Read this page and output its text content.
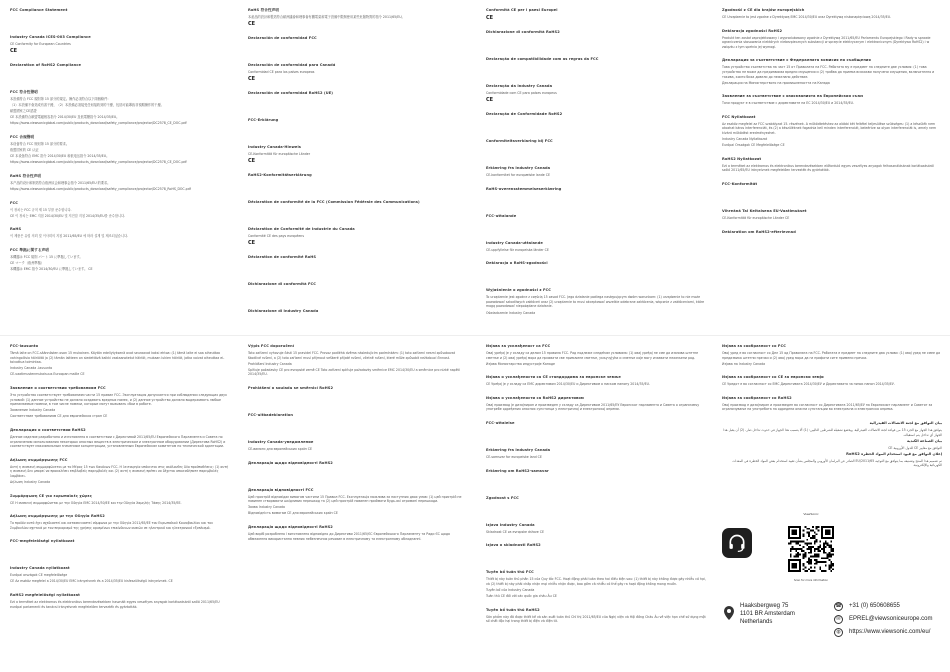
FCC Compliance Statement
Industry Canada ICES-003 Compliance
CE Conformity for European Countries
CE
Declaration of RoHS2 Compliance
FCC 符合性聲明
本設備符合 FCC 規則第 15 部分的規定。操作必須符合以下兩個條件：
（1）本設備不會造成有害干擾，（2）本設備必須接受任何接收到的干擾，包括可能導致非預期操作的干擾。
歐盟國家之CE認證
CE 本設備符合歐盟電磁相容指令 2014/30/EU 及低電壓指令 2014/35/EU。
https://www.viewsonicglobal.com/public/products_download/safety_compliance/projector/DC2578_CE_DOC.pdf
FCC 合規聲明
本设备符合 FCC 规则第 15 部分的要求。
欧盟国家的 CE 认证
CE 本设备符合 EMC 指令 2014/30/EU 和低电压指令 2014/35/EU。
https://www.viewsonicglobal.com/public/products_download/safety_compliance/projector/DC2578_CE_DOC.pdf
RoHS 符合性声明
本产品的设计和制造符合欧洲议会和理事会指令 2011/65/EU 的要求。
https://www.viewsonicglobal.com/public/products_download/safety_compliance/projector/DC2578_RoHS_DOC.pdf
FCC
이 장치는 FCC 규칙 제 15 부를 준수합니다.
CE 이 장치는 EMC 지침 2014/30/EU 및 저전압 지침 2014/35/EU를 준수합니다.
RoHS
이 제품은 유럽 의회 및 이사회의 지침 2011/65/EU 에 따라 설계 및 제조되었습니다.
FCC 準拠に関する声明
本機器は FCC 規則 パート 15 に準拠しています。
CE マーク（欧州準拠）
本機器は EMC 指令 2014/30/EU に準拠しています。 CE
RoHS 符合性声明
本產品的設計和製造符合歐洲議會和理事會有關電氣和電子設備中限制使用某些危險物質的指令 2011/65/EU。
CE
Declaración de conformidad FCC
Declaración de conformidad para Canadá
Conformidad CE para los países europeos
CE
Declaración de conformidad RoHS2 (UE)
FCC-Erklärung
Industry Canada-Hinweis
CE-Konformität für europäische Länder
CE
RoHS2-Konformitätserklärung
Déclaration de conformité de la FCC (Commission Fédérale des Communications)
Déclaration de Conformité de Industrie du Canada
Conformité CE des pays européens
CE
Déclaration de conformité RoHS
Dichiarazione di conformità FCC
Dichiarazione di Industry Canada
Conformità CE per i paesi Europei
CE
Dichiarazione di conformità RoHS2
Declaração de compatibilidade com as regras da FCC
Declaração da Industry Canada
Conformidade com CE para países europeus
CE
Declaração de Conformidade RoHS2
Conformiteitsverklaring bij FCC
Erklæring fra Industry Canada
CE-konformitet for europæiske lande CE
RoHS-overensstemmelseserklæring
FCC-uttalande
Industry Canada-uttalande
CE-uppfyllelse för europeiska länder CE
Deklaracja o RoHS-zgodności
Wyjaśnienie o zgodności z FCC
To urządzenie jest zgodne z częścią 15 zasad FCC. Jego działanie podlega następującym dwóm warunkom: (1) urządzenie to nie może powodować szkodliwych zakłóceń oraz (2) urządzenie to musi akceptować wszelkie odebrane zakłócenia, włącznie z zakłóceniami, które mogą powodować niepożądane działanie.
Oświadczenie Industry Canada
Zgodność z CE dla krajów europejskich
CE Urządzenie to jest zgodne z Dyrektywą EMC 2014/30/EU oraz Dyrektywą niskonapięciową 2014/35/EU.
Deklaracja zgodności RoHS2
Produkt ten został zaprojektowany i wyprodukowany zgodnie z Dyrektywą 2011/65/EU Parlamentu Europejskiego i Rady w sprawie ograniczenia stosowania niektórych niebezpiecznych substancji w sprzęcie elektrycznym i elektronicznym (Dyrektywa RoHS2) i w związku z tym spełnia jej wymogi.
Декларация за съответствие с Федералната комисия по съобщения
Това устройство съответства на част 15 от Правилата на FCC. Работата му е предмет на следните две условия: (1) това устройство не може да предизвиква вредни смущения и (2) трябва да приема всякакви получени смущения, включително и такива, които биха довели до нежелано действие.
Декларация на Министерството на промишлеността на Канада
Заявление за съответствие с изискванията на Европейския съюз
Този продукт е в съответствие с директивите на ЕС 2014/30/EU и 2014/35/EU.
FCC Nyilatkozat
Az eszköz megfelel az FCC szabályzat 15. részének. A működtetéshez az alábbi két feltétel teljesülése szükséges: (1) a készülék nem okozhat káros interferenciát, és (2) a készüléknek fogadnia kell minden interferenciát, beleértve az olyan interferenciát is, amely nem kívánt működést eredményezhet.
Industry Canada Nyilatkozat
Európai Országok CE Megfelelősége CE
RoHS2 Nyilatkozat
Ezt a terméket az elektromos és elektronikus berendezésekben előforduló egyes veszélyes anyagok felhasználásának korlátozásáról szóló 2011/65/EU irányelvnek megfelelően tervezték és gyártották.
FCC-Konformität
Vihreänä Tai Keltaisena EU-Vaatimukset
CE-Konformität für europäische Länder CE
Deklaration om RoHS2-efterlevnad
FCC-lausunto
Tämä laite on FCC-säännösten osan 15 mukainen. Käytön edellytyksenä ovat seuraavat kaksi ehtoa: (1) tämä laite ei saa aiheuttaa vahingollisia häiriöitä ja (2) tämän laitteen on siedettävä kaikki vastaanotetut häiriöt, mukaan lukien häiriöt, jotka voivat aiheuttaa ei-toivottua toimintaa.
Industry Canada -lausunto
CE-vaatimustenmukaisuus Euroopan maille CE
Заявление о соответствии требованиям FCC
Это устройство соответствует требованиям части 15 правил FCC. Эксплуатация допускается при соблюдении следующих двух условий: (1) данное устройство не должно создавать вредных помех, и (2) данное устройство должно выдерживать любые принимаемые помехи, в том числе помехи, которые могут вызывать сбои в работе.
Заявление Industry Canada
Соответствие требованиям CE для европейских стран CE
Декларация о соответствии RoHS2
Данное изделие разработано и изготовлено в соответствии с Директивой 2011/65/EU Европейского Парламента и Совета по ограничению использования некоторых опасных веществ в электрическом и электронном оборудовании (Директива RoHS2) и соответствует максимальным значениям концентрации, установленным Европейским комитетом по технической адаптации.
Δήλωση συμμόρφωσης FCC
Αυτή η συσκευή συμμορφώνεται με το Μέρος 15 των Κανόνων FCC. Η λειτουργία υπόκειται στις ακόλουθες δύο προϋποθέσεις: (1) αυτή η συσκευή δεν μπορεί να προκαλέσει επιβλαβείς παρεμβολές και (2) αυτή η συσκευή πρέπει να δέχεται οποιεσδήποτε παρεμβολές λαμβάνει.
Δήλωση Industry Canada
Συμμόρφωση CE για ευρωπαϊκές χώρες
CE Η συσκευή συμμορφώνεται με την Οδηγία EMC 2014/30/ΕΕ και την Οδηγία Χαμηλής Τάσης 2014/35/ΕΕ.
Δήλωση συμμόρφωσης με την Οδηγία RoHS2
Το προϊόν αυτό έχει σχεδιαστεί και κατασκευαστεί σύμφωνα με την Οδηγία 2011/65/ΕΕ του Ευρωπαϊκού Κοινοβουλίου και του Συμβουλίου σχετικά με τον περιορισμό της χρήσης ορισμένων επικίνδυνων ουσιών σε ηλεκτρικό και ηλεκτρονικό εξοπλισμό.
FCC-megfelelőségi nyilatkozat
Industry Canada nyilatkozat
Európai országok CE megfelelősége
CE Az eszköz megfelel a 2014/30/EU EMC irányelvnek és a 2014/35/EU kisfeszültségű irányelvnek. CE
RoHS2 megfelelőségi nyilatkozat
Ezt a terméket az elektromos és elektronikus berendezésekben használt egyes veszélyes anyagok korlátozásáról szóló 2011/65/EU európai parlamenti és tanácsi irányelvnek megfelelően tervezték és gyártották.
Výpis FCC doporučení
Toto zařízení vyhovuje části 15 pravidel FCC. Provoz podléhá dvěma následujícím podmínkám: (1) toto zařízení nesmí způsobovat škodlivé rušení, a (2) toto zařízení musí přijmout veškeré přijaté rušení, včetně rušení, které může způsobit nežádoucí činnost.
Prohlášení Industry Canada
Splňuje požadavky CE pro evropské země CE Toto zařízení splňuje požadavky směrnice EMC 2014/30/EU a směrnice pro nízké napětí 2014/35/EU.
Prohlášení o souladu se směrnicí RoHS2
FCC-uitbadeklaration
Industry Canada-уведомление
CE-вимоги для європейських країн CE
Декларація щодо відповідності RoHS2
Декларація відповідності FCC
Цей пристрій відповідає вимогам частини 15 Правил FCC. Експлуатація можлива за наступних двох умов: (1) цей пристрій не повинен створювати шкідливих перешкод та (2) цей пристрій повинен приймати будь-які отримані перешкоди.
Заява Industry Canada
Відповідність вимогам CE для європейських країн CE
Декларація щодо відповідності RoHS2
Цей виріб розроблено і виготовлено відповідно до Директиви 2011/65/ЄС Європейського Парламенту та Ради ЄС щодо обмеження використання певних небезпечних речовин в електричному та електронному обладнанні.
Изјава за усклађеност са FCC
Овај уређај је у складу са делом 15 правила FCC. Рад подлеже следећим условима: (1) овај уређај не сме да изазива штетне сметње и (2) овај уређај мора да прихвати све примљене сметње, укључујући и сметње које могу изазвати нежељени рад.
Изјава Министарства индустрије Канаде
Изјава о усклађености са CE стандардима за европске земље
CE Уређај је у складу са EMC директивом 2014/30/EU и Директивом о ниском напону 2014/35/EU.
Изјава о усклађености са RoHS2 директивом
Овај производ је дизајниран и произведен у складу са Директивом 2011/65/ЕУ Европског парламента и Савета о ограничењу употребе одређених опасних супстанци у електричној и електронској опреми.
FCC-uttalelse
Erklæring fra Industry Canada
CE-samsvar for europeiske land CE
Erklæring om RoHS2-samsvar
Zgodnost s FCC
Izjava Industry Canada
Skladnost CE za evropske države CE
Izjava o skladnosti RoHS2
Tuyên bố tuân thủ FCC
Thiết bị này tuân thủ phần 15 của Quy tắc FCC. Hoạt động phải tuân theo hai điều kiện sau: (1) thiết bị này không được gây nhiễu có hại, và (2) thiết bị này phải chấp nhận mọi nhiễu nhận được, bao gồm cả nhiễu có thể gây ra hoạt động không mong muốn.
Tuyên bố của Industry Canada
Tuân thủ CE đối với các quốc gia châu Âu CE
Tuyên bố tuân thủ RoHS2
Sản phẩm này đã được thiết kế và sản xuất tuân thủ Chỉ thị 2011/65/EU của Nghị viện và Hội đồng Châu Âu về việc hạn chế sử dụng một số chất độc hại trong thiết bị điện và điện tử.
Изјава за сообразност со FCC
Овој уред е во согласност со Дел 15 од Правилата на FCC. Работата е предмет на следните два услови: (1) овој уред не смее да предизвика штетни пречки и (2) овој уред мора да ги прифати сите примени пречки.
Изјава на Industry Canada
Изјава за сообразност со CE за европски земји
CE Уредот е во согласност со EMC Директивата 2014/30/ЕУ и Директивата за низок напон 2014/35/ЕУ.
Изјава за сообразност со RoHS2
Овој производ е дизајниран и произведен во согласност со Директивата 2011/65/ЕУ на Европскиот парламент и Советот за ограничување на употребата на одредени опасни супстанции во електрична и електронска опрема.
بيان التوافق مع لجنة الاتصالات الفيدرالية
يتوافق هذا الجهاز مع الجزء 15 من قواعد لجنة الاتصالات الفيدرالية. ويخضع تشغيله للشرطين التاليين: (1) ألا يتسبب هذا الجهاز في حدوث تداخل ضار، (2) أن يقبل هذا الجهاز أي تداخل يتم استقباله.
بيان الصناعة الكندية
التوافق مع معايير CE للدول الأوروبية CE
إعلان التوافق مع قيود استخدام المواد الخطرة RoHS2
تم تصميم هذا المنتج وتصنيعه بما يتوافق مع التوجيه 2011/65/EU الصادر عن البرلمان الأوروبي والمجلس بشأن تقييد استخدام بعض المواد الخطرة في المعدات الكهربائية والإلكترونية.
ViewSonic
Scan for more information
Haaksbergweg 75
1101 BR Amsterdam
Netherlands
☎ +31 (0) 650608655
✉	EPREL@viewsoniceurope.com
◍	https://www.viewsonic.com/eu/
